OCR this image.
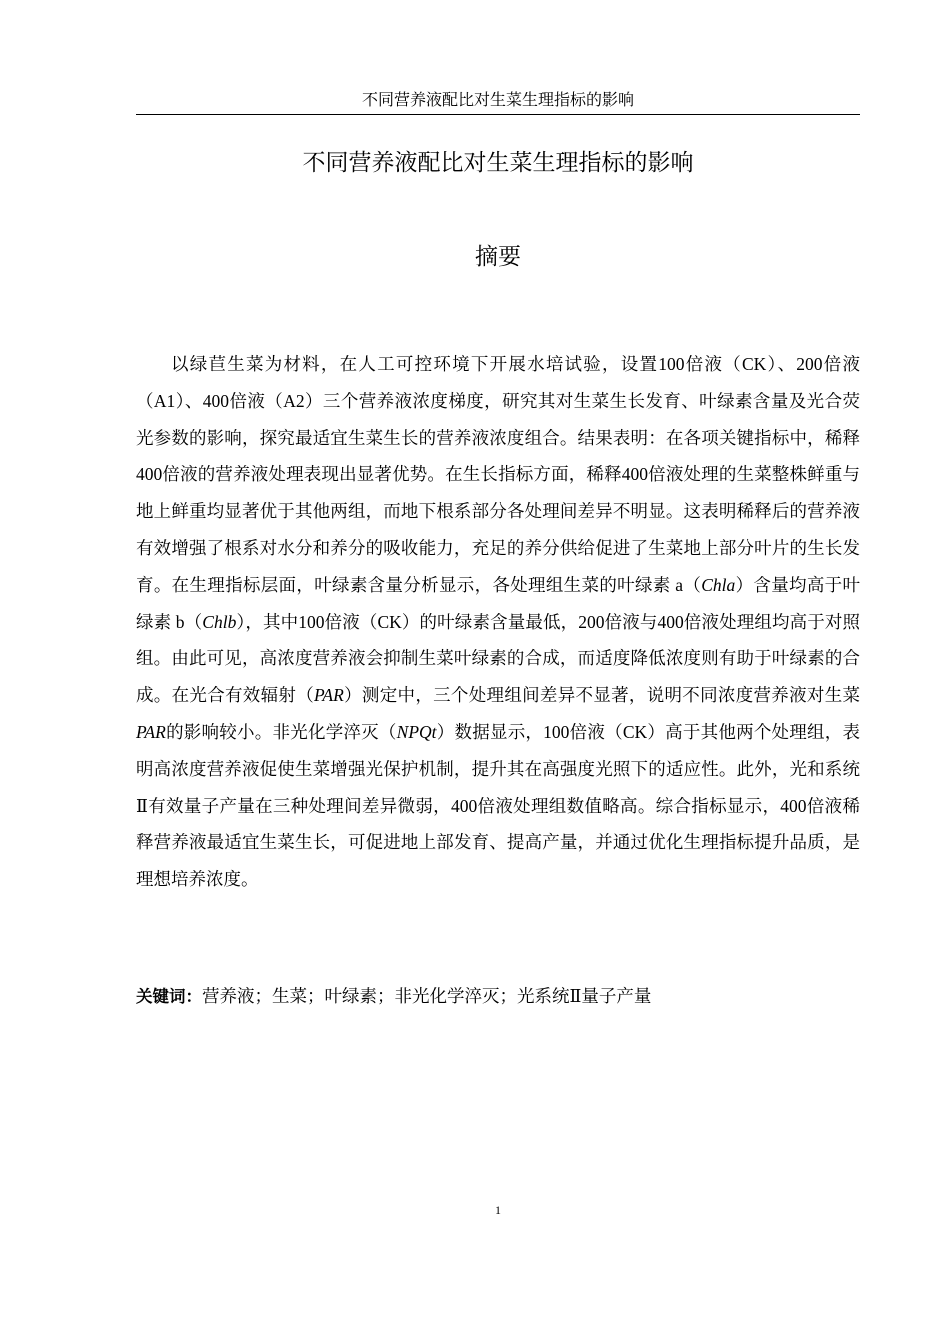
不同营养液配比对生菜生理指标的影响
不同营养液配比对生菜生理指标的影响
摘要

以绿苣生菜为材料，在人工可控环境下开展水培试验，设置100倍液（CK）、200倍液（A1）、400倍液（A2）三个营养液浓度梯度，研究其对生菜生长发育、叶绿素含量及光合荧光参数的影响，探究最适宜生菜生长的营养液浓度组合。结果表明：在各项关键指标中，稀释400倍液的营养液处理表现出显著优势。在生长指标方面，稀释400倍液处理的生菜整株鲜重与地上鲜重均显著优于其他两组，而地下根系部分各处理间差异不明显。这表明稀释后的营养液有效增强了根系对水分和养分的吸收能力，充足的养分供给促进了生菜地上部分叶片的生长发育。在生理指标层面，叶绿素含量分析显示，各处理组生菜的叶绿素 a（Chla）含量均高于叶绿素 b（Chlb），其中100倍液（CK）的叶绿素含量最低，200倍液与400倍液处理组均高于对照组。由此可见，高浓度营养液会抑制生菜叶绿素的合成，而适度降低浓度则有助于叶绿素的合成。在光合有效辐射（PAR）测定中，三个处理组间差异不显著，说明不同浓度营养液对生菜PAR的影响较小。非光化学淬灭（NPQt）数据显示，100倍液（CK）高于其他两个处理组，表明高浓度营养液促使生菜增强光保护机制，提升其在高强度光照下的适应性。此外，光和系统Ⅱ有效量子产量在三种处理间差异微弱，400倍液处理组数值略高。综合指标显示，400倍液稀释营养液最适宜生菜生长，可促进地上部发育、提高产量，并通过优化生理指标提升品质，是理想培养浓度。

关键词：营养液；生菜；叶绿素；非光化学淬灭；光系统Ⅱ量子产量

1
